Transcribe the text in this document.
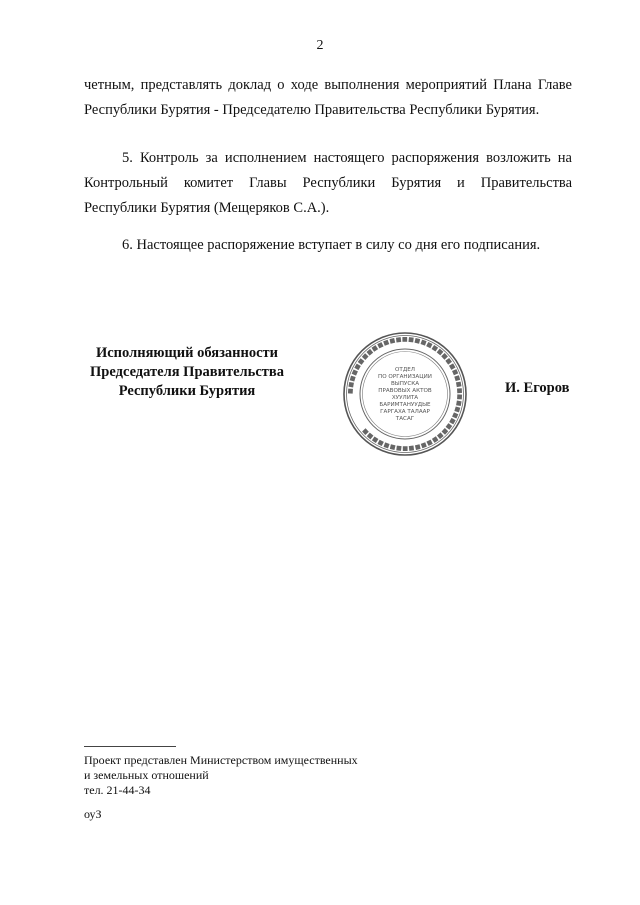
2
четным, представлять доклад о ходе выполнения мероприятий Плана Главе Республики Бурятия - Председателю Правительства Республики Бурятия.
5. Контроль за исполнением настоящего распоряжения возложить на Контрольный комитет Главы Республики Бурятия и Правительства Республики Бурятия (Мещеряков С.А.).
6. Настоящее распоряжение вступает в силу со дня его подписания.
Исполняющий обязанности
Председателя Правительства
Республики Бурятия	■■■■■■■■■■■■■■■■■■■■■■■■■■■■■■■■■■■■■■■■■■■■■■■■
ОТДЕЛ
ПО ОРГАНИЗАЦИИ
ВЫПУСКА
ПРАВОВЫХ АКТОВ
ХУУЛИТА
БАРИМТАНУУДЫЕ
ГАРГАХА ТАЛААР
ТАСАГ
И. Егоров
Проект представлен Министерством имущественных
и земельных отношений
тел. 21-44-34
оуЗ
